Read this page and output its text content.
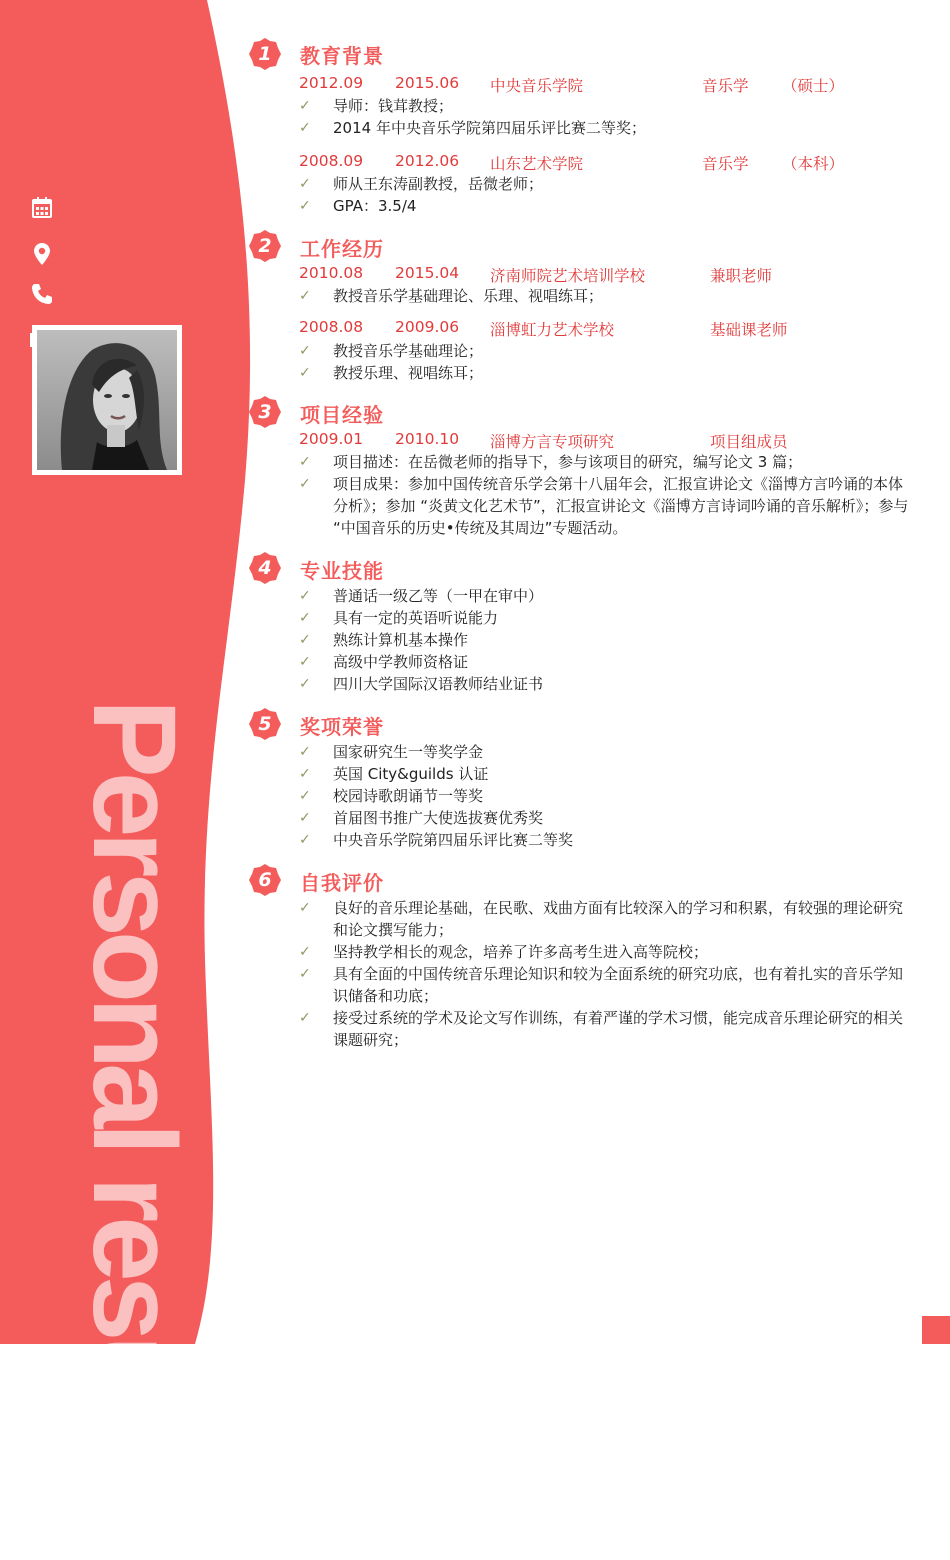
Personal resume
1	教育背景
2012.09 2015.06 中央音乐学院	音乐学 （硕士）
✓ 导师：钱茸教授；
✓ 2014 年中央音乐学院第四届乐评比赛二等奖；
2008.09 2012.06 山东艺术学院	音乐学 （本科）
✓ 师从王东涛副教授，岳微老师；
✓ GPA：3.5/4
2	工作经历
2010.08 2015.04 济南师院艺术培训学校	兼职老师
✓ 教授音乐学基础理论、乐理、视唱练耳；
2008.08 2009.06 淄博虹力艺术学校	基础课老师
✓ 教授音乐学基础理论；
✓ 教授乐理、视唱练耳；
3	项目经验
2009.01 2010.10 淄博方言专项研究	项目组成员
✓ 项目描述：在岳微老师的指导下，参与该项目的研究，编写论文 3 篇；
✓ 项目成果：参加中国传统音乐学会第十八届年会，汇报宣讲论文《淄博方言吟诵的本体分析》；参加 “炎黄文化艺术节”，汇报宣讲论文《淄博方言诗词吟诵的音乐解析》；参与 “中国音乐的历史•传统及其周边”专题活动。
4	专业技能
✓ 普通话一级乙等（一甲在审中）
✓ 具有一定的英语听说能力
✓ 熟练计算机基本操作
✓ 高级中学教师资格证
✓ 四川大学国际汉语教师结业证书
5	奖项荣誉
✓ 国家研究生一等奖学金
✓ 英国 City&guilds 认证
✓ 校园诗歌朗诵节一等奖
✓ 首届图书推广大使选拔赛优秀奖
✓ 中央音乐学院第四届乐评比赛二等奖
6	自我评价
✓ 良好的音乐理论基础，在民歌、戏曲方面有比较深入的学习和积累，有较强的理论研究和论文撰写能力；
✓ 坚持教学相长的观念，培养了许多高考生进入高等院校；
✓ 具有全面的中国传统音乐理论知识和较为全面系统的研究功底，也有着扎实的音乐学知识储备和功底；
✓ 接受过系统的学术及论文写作训练，有着严谨的学术习惯，能完成音乐理论研究的相关课题研究；
